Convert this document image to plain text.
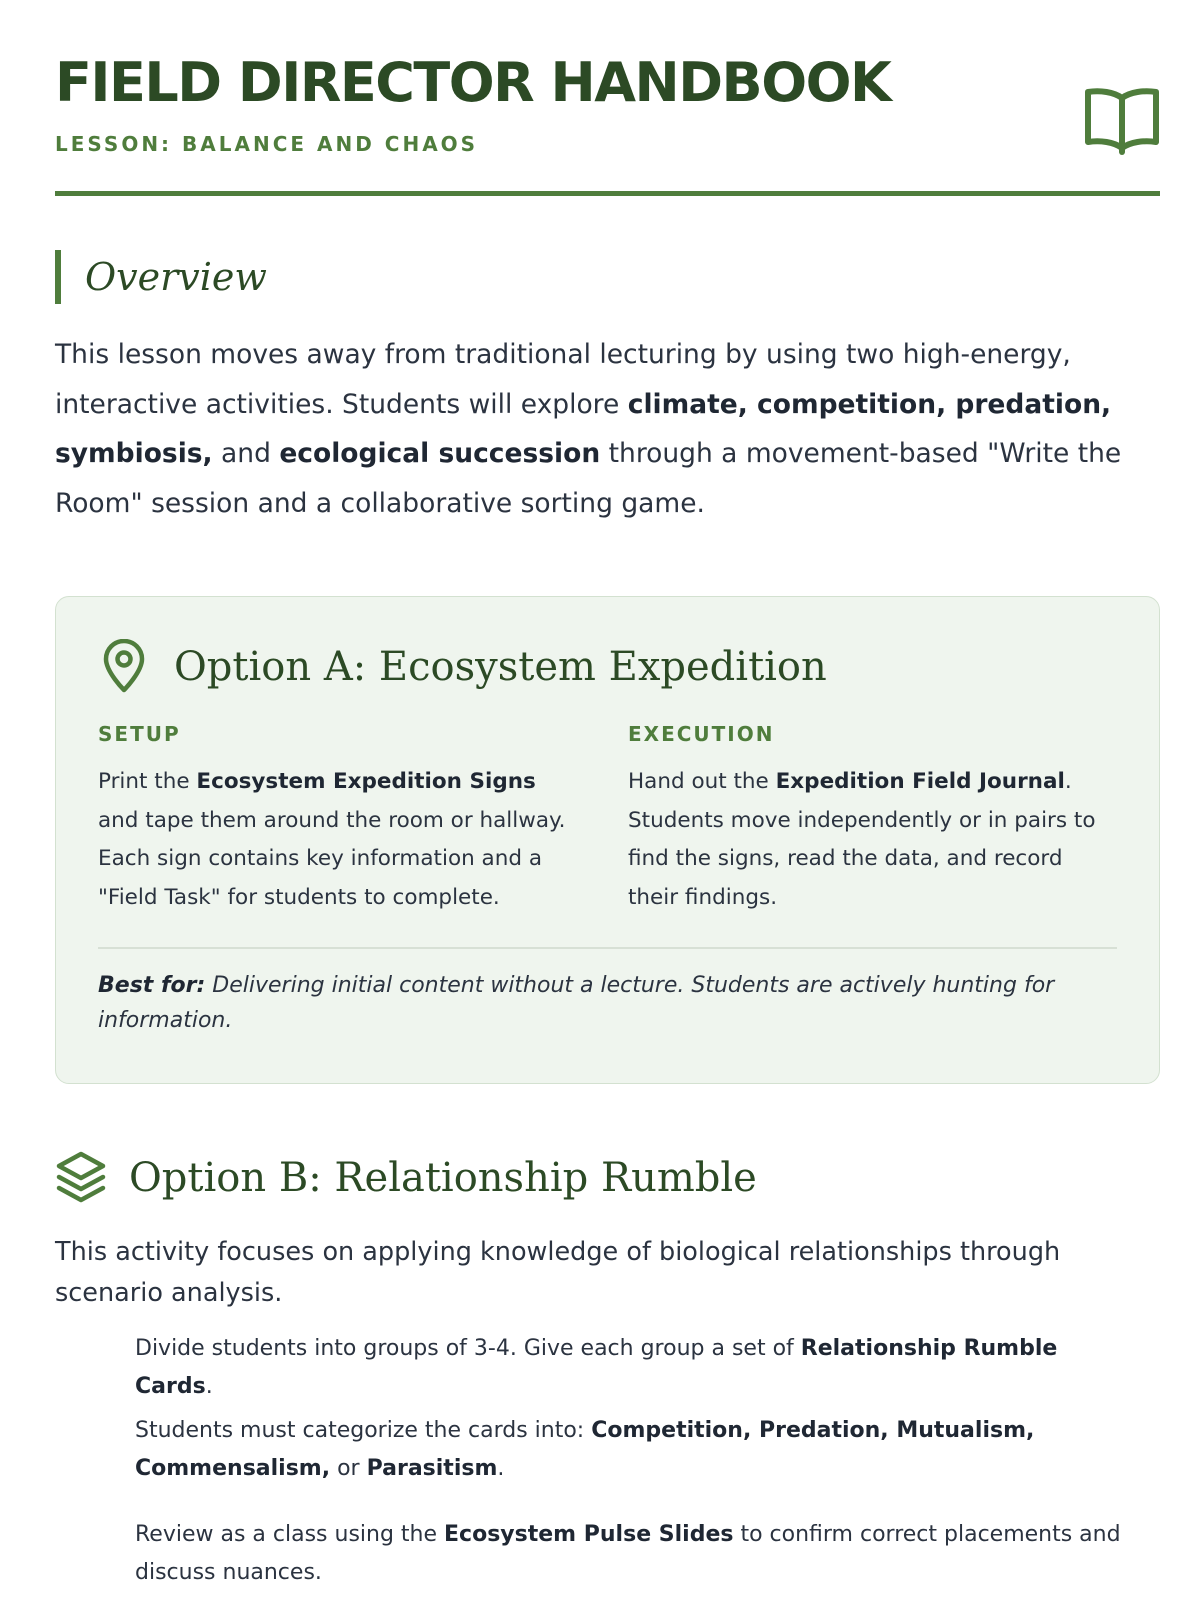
FIELD DIRECTOR HANDBOOK
LESSON: BALANCE AND CHAOS
Overview

This lesson moves away from traditional lecturing by using two high-energy, interactive activities. Students will explore climate, competition, predation, symbiosis, and ecological succession through a movement-based "Write the Room" session and a collaborative sorting game.

Option A: Ecosystem Expedition
SETUP

Print the Ecosystem Expedition Signs and tape them around the room or hallway. Each sign contains key information and a "Field Task" for students to complete.

EXECUTION

Hand out the Expedition Field Journal. Students move independently or in pairs to find the signs, read the data, and record their findings.

Best for: Delivering initial content without a lecture. Students are actively hunting for information.

Option B: Relationship Rumble

This activity focuses on applying knowledge of biological relationships through scenario analysis.

Divide students into groups of 3-4. Give each group a set of Relationship Rumble Cards.
Students must categorize the cards into: Competition, Predation, Mutualism, Commensalism, or Parasitism.
Review as a class using the Ecosystem Pulse Slides to confirm correct placements and discuss nuances.
